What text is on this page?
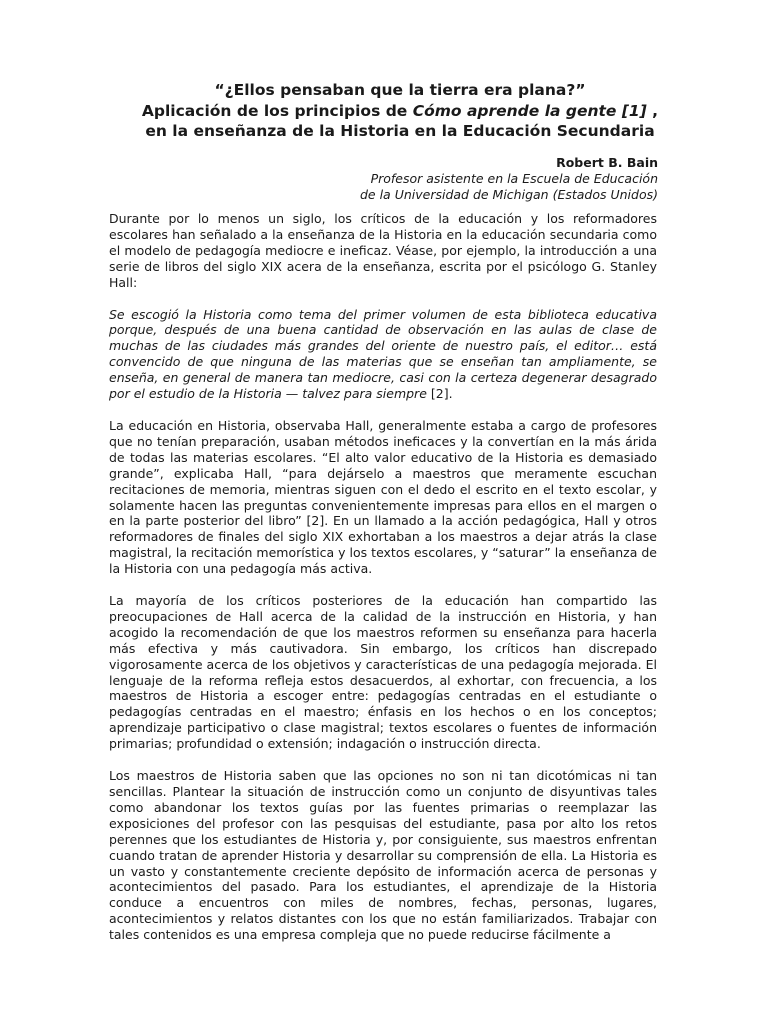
“¿Ellos pensaban que la tierra era plana?”
Aplicación de los principios de Cómo aprende la gente [1] ,
en la enseñanza de la Historia en la Educación Secundaria
Robert B. Bain
Profesor asistente en la Escuela de Educación
de la Universidad de Michigan (Estados Unidos)

Durante por lo menos un siglo, los críticos de la educación y los reformadores escolares han señalado a la enseñanza de la Historia en la educación secundaria como el modelo de pedagogía mediocre e ineficaz. Véase, por ejemplo, la introducción a una serie de libros del siglo XIX acera de la enseñanza, escrita por el psicólogo G. Stanley Hall:

Se escogió la Historia como tema del primer volumen de esta biblioteca educativa porque, después de una buena cantidad de observación en las aulas de clase de muchas de las ciudades más grandes del oriente de nuestro país, el editor… está convencido de que ninguna de las materias que se enseñan tan ampliamente, se enseña, en general de manera tan mediocre, casi con la certeza degenerar desagrado por el estudio de la Historia — talvez para siempre [2].

La educación en Historia, observaba Hall, generalmente estaba a cargo de profesores que no tenían preparación, usaban métodos ineficaces y la convertían en la más árida de todas las materias escolares. “El alto valor educativo de la Historia es demasiado grande”, explicaba Hall, “para dejárselo a maestros que meramente escuchan recitaciones de memoria, mientras siguen con el dedo el escrito en el texto escolar, y solamente hacen las preguntas convenientemente impresas para ellos en el margen o en la parte posterior del libro” [2]. En un llamado a la acción pedagógica, Hall y otros reformadores de finales del siglo XIX exhortaban a los maestros a dejar atrás la clase magistral, la recitación memorística y los textos escolares, y “saturar” la enseñanza de la Historia con una pedagogía más activa.

La mayoría de los críticos posteriores de la educación han compartido las preocupaciones de Hall acerca de la calidad de la instrucción en Historia, y han acogido la recomendación de que los maestros reformen su enseñanza para hacerla más efectiva y más cautivadora. Sin embargo, los críticos han discrepado vigorosamente acerca de los objetivos y características de una pedagogía mejorada. El lenguaje de la reforma refleja estos desacuerdos, al exhortar, con frecuencia, a los maestros de Historia a escoger entre: pedagogías centradas en el estudiante o pedagogías centradas en el maestro; énfasis en los hechos o en los conceptos; aprendizaje participativo o clase magistral; textos escolares o fuentes de información primarias; profundidad o extensión; indagación o instrucción directa.

Los maestros de Historia saben que las opciones no son ni tan dicotómicas ni tan sencillas. Plantear la situación de instrucción como un conjunto de disyuntivas tales como abandonar los textos guías por las fuentes primarias o reemplazar las exposiciones del profesor con las pesquisas del estudiante, pasa por alto los retos perennes que los estudiantes de Historia y, por consiguiente, sus maestros enfrentan cuando tratan de aprender Historia y desarrollar su comprensión de ella. La Historia es un vasto y constantemente creciente depósito de información acerca de personas y acontecimientos del pasado. Para los estudiantes, el aprendizaje de la Historia conduce a encuentros con miles de nombres, fechas, personas, lugares, acontecimientos y relatos distantes con los que no están familiarizados. Trabajar con tales contenidos es una empresa compleja que no puede reducirse fácilmente a
